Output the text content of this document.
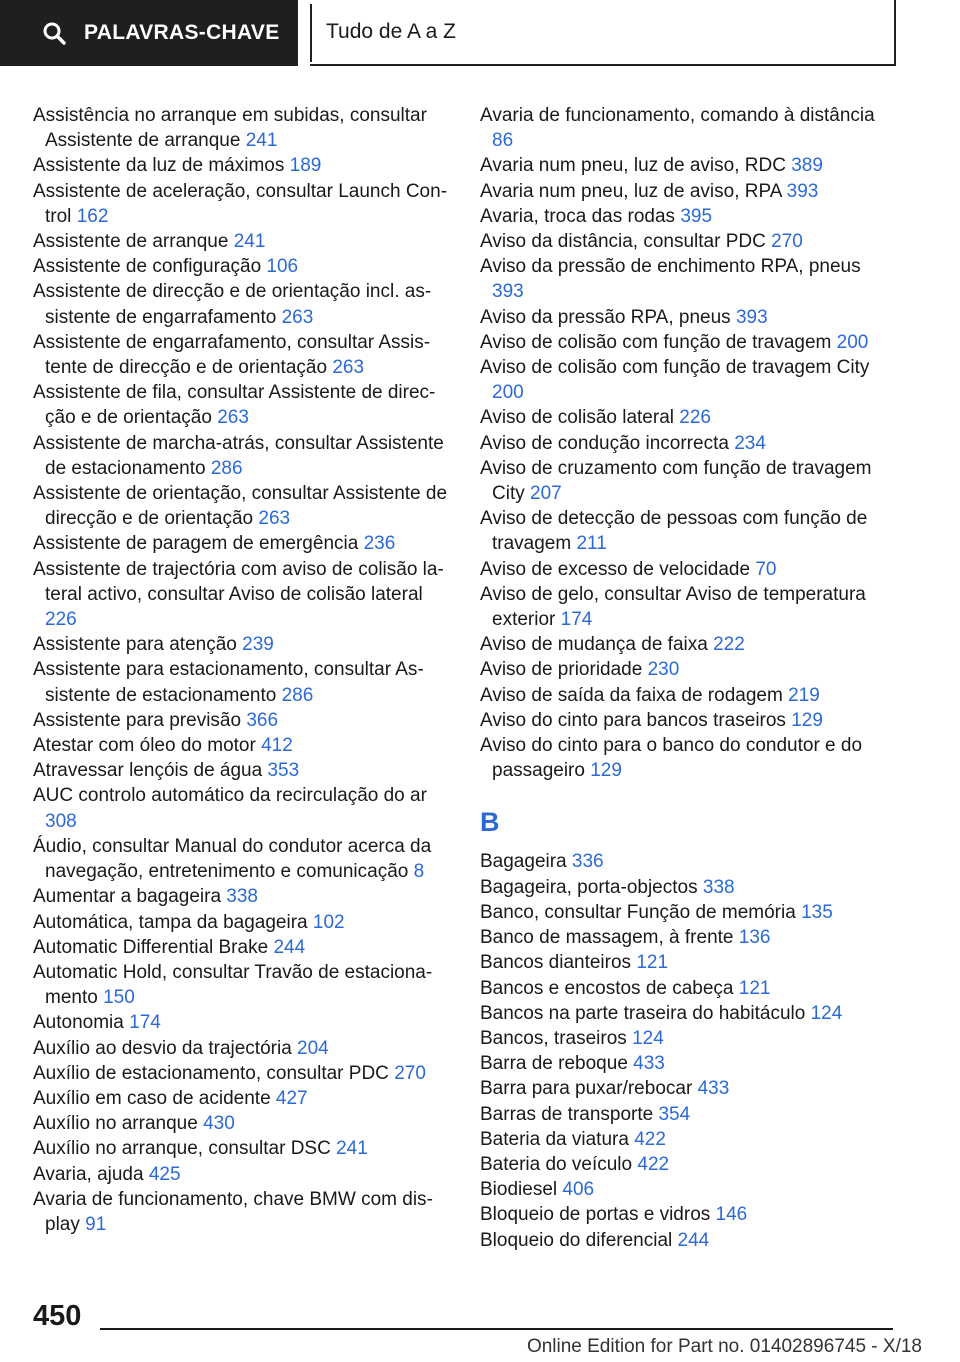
PALAVRAS-CHAVE Tudo de A a Z
Assistência no arranque em subidas, consultar Assistente de arranque 241
Assistente da luz de máximos 189
Assistente de aceleração, consultar Launch Control 162
Assistente de arranque 241
Assistente de configuração 106
Assistente de direcção e de orientação incl. assistente de engarrafamento 263
Assistente de engarrafamento, consultar Assistente de direcção e de orientação 263
Assistente de fila, consultar Assistente de direcção e de orientação 263
Assistente de marcha-atrás, consultar Assistente de estacionamento 286
Assistente de orientação, consultar Assistente de direcção e de orientação 263
Assistente de paragem de emergência 236
Assistente de trajectória com aviso de colisão lateral activo, consultar Aviso de colisão lateral 226
Assistente para atenção 239
Assistente para estacionamento, consultar Assistente de estacionamento 286
Assistente para previsão 366
Atestar com óleo do motor 412
Atravessar lençóis de água 353
AUC controlo automático da recirculação do ar 308
Áudio, consultar Manual do condutor acerca da navegação, entretenimento e comunicação 8
Aumentar a bagageira 338
Automática, tampa da bagageira 102
Automatic Differential Brake 244
Automatic Hold, consultar Travão de estacionamento 150
Autonomia 174
Auxílio ao desvio da trajectória 204
Auxílio de estacionamento, consultar PDC 270
Auxílio em caso de acidente 427
Auxílio no arranque 430
Auxílio no arranque, consultar DSC 241
Avaria, ajuda 425
Avaria de funcionamento, chave BMW com display 91
Avaria de funcionamento, comando à distância 86
Avaria num pneu, luz de aviso, RDC 389
Avaria num pneu, luz de aviso, RPA 393
Avaria, troca das rodas 395
Aviso da distância, consultar PDC 270
Aviso da pressão de enchimento RPA, pneus 393
Aviso da pressão RPA, pneus 393
Aviso de colisão com função de travagem 200
Aviso de colisão com função de travagem City 200
Aviso de colisão lateral 226
Aviso de condução incorrecta 234
Aviso de cruzamento com função de travagem City 207
Aviso de detecção de pessoas com função de travagem 211
Aviso de excesso de velocidade 70
Aviso de gelo, consultar Aviso de temperatura exterior 174
Aviso de mudança de faixa 222
Aviso de prioridade 230
Aviso de saída da faixa de rodagem 219
Aviso do cinto para bancos traseiros 129
Aviso do cinto para o banco do condutor e do passageiro 129
B
Bagageira 336
Bagageira, porta-objectos 338
Banco, consultar Função de memória 135
Banco de massagem, à frente 136
Bancos dianteiros 121
Bancos e encostos de cabeça 121
Bancos na parte traseira do habitáculo 124
Bancos, traseiros 124
Barra de reboque 433
Barra para puxar/rebocar 433
Barras de transporte 354
Bateria da viatura 422
Bateria do veículo 422
Biodiesel 406
Bloqueio de portas e vidros 146
Bloqueio do diferencial 244
450
Online Edition for Part no. 01402896745 - X/18
